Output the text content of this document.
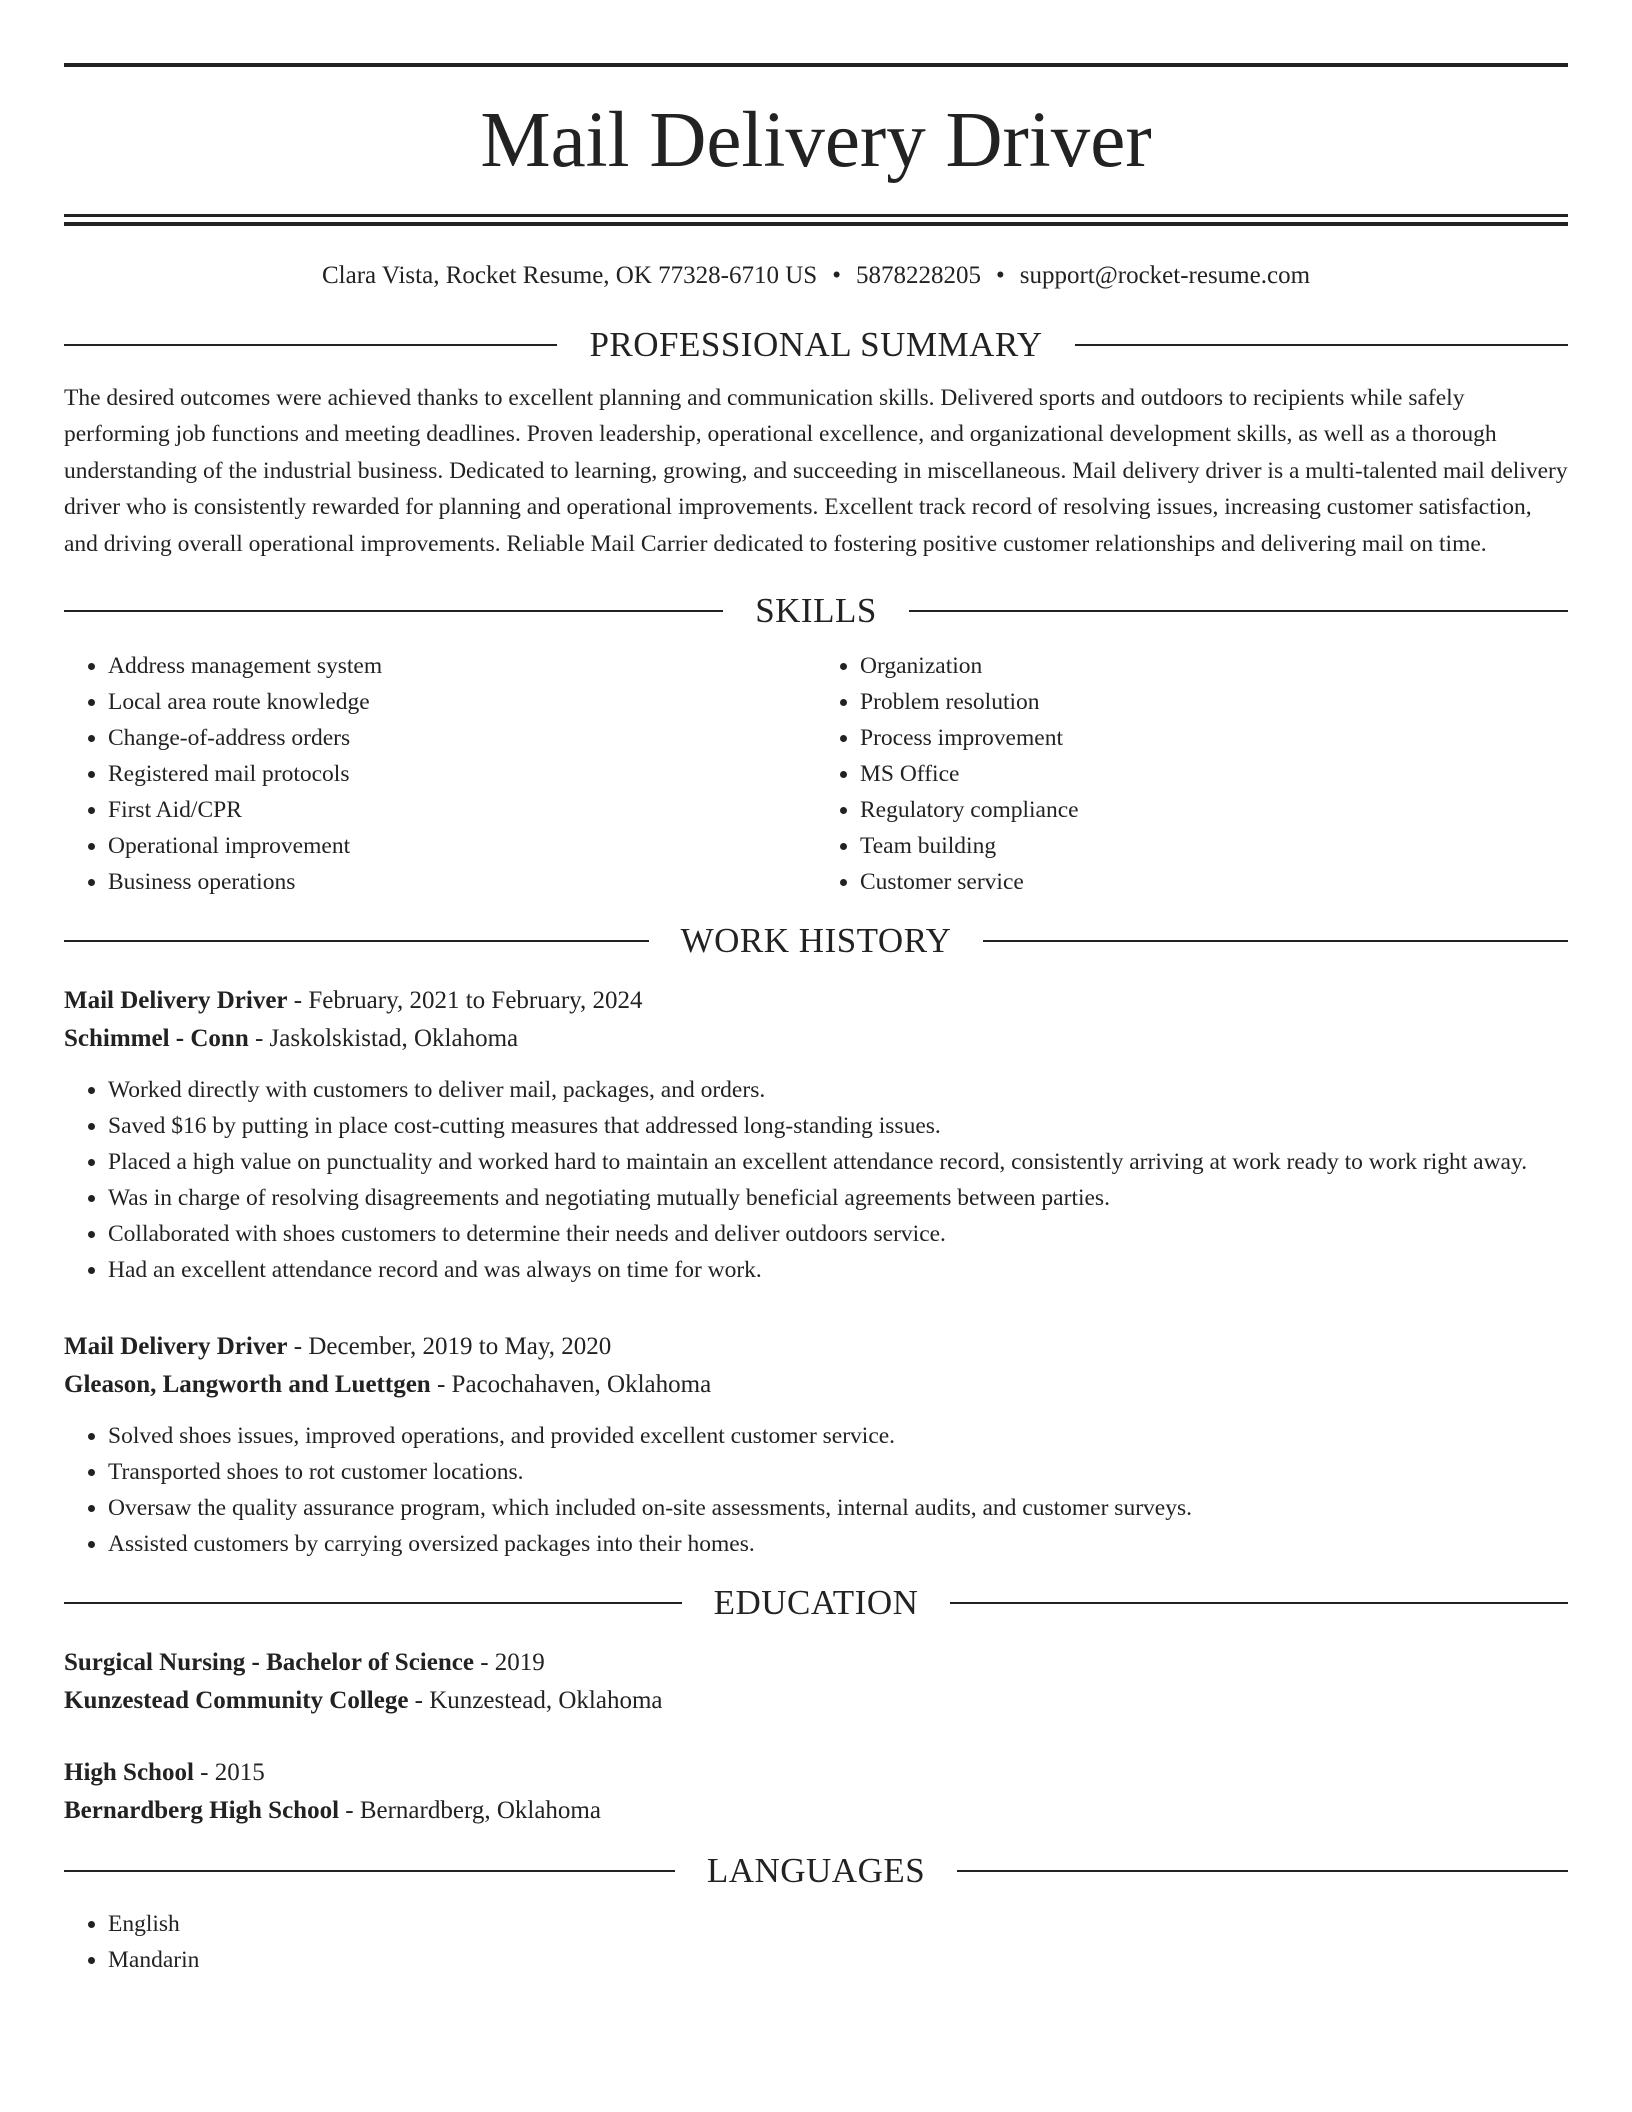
Mail Delivery Driver
Clara Vista, Rocket Resume, OK 77328-6710 US • 5878228205 • support@rocket-resume.com
PROFESSIONAL SUMMARY

The desired outcomes were achieved thanks to excellent planning and communication skills. Delivered sports and outdoors to recipients while safely performing job functions and meeting deadlines. Proven leadership, operational excellence, and organizational development skills, as well as a thorough understanding of the industrial business. Dedicated to learning, growing, and succeeding in miscellaneous. Mail delivery driver is a multi-talented mail delivery driver who is consistently rewarded for planning and operational improvements. Excellent track record of resolving issues, increasing customer satisfaction, and driving overall operational improvements. Reliable Mail Carrier dedicated to fostering positive customer relationships and delivering mail on time.

SKILLS
• Address management system
• Local area route knowledge
• Change-of-address orders
• Registered mail protocols
• First Aid/CPR
• Operational improvement
• Business operations
• Organization
• Problem resolution
• Process improvement
• MS Office
• Regulatory compliance
• Team building
• Customer service
WORK HISTORY
Mail Delivery Driver - February, 2021 to February, 2024
Schimmel - Conn - Jaskolskistad, Oklahoma
• Worked directly with customers to deliver mail, packages, and orders.
• Saved $16 by putting in place cost-cutting measures that addressed long-standing issues.
• Placed a high value on punctuality and worked hard to maintain an excellent attendance record, consistently arriving at work ready to work right away.
• Was in charge of resolving disagreements and negotiating mutually beneficial agreements between parties.
• Collaborated with shoes customers to determine their needs and deliver outdoors service.
• Had an excellent attendance record and was always on time for work.
Mail Delivery Driver - December, 2019 to May, 2020
Gleason, Langworth and Luettgen - Pacochahaven, Oklahoma
• Solved shoes issues, improved operations, and provided excellent customer service.
• Transported shoes to rot customer locations.
• Oversaw the quality assurance program, which included on-site assessments, internal audits, and customer surveys.
• Assisted customers by carrying oversized packages into their homes.
EDUCATION
Surgical Nursing - Bachelor of Science - 2019
Kunzestead Community College - Kunzestead, Oklahoma
High School - 2015
Bernardberg High School - Bernardberg, Oklahoma
LANGUAGES
• English
• Mandarin
